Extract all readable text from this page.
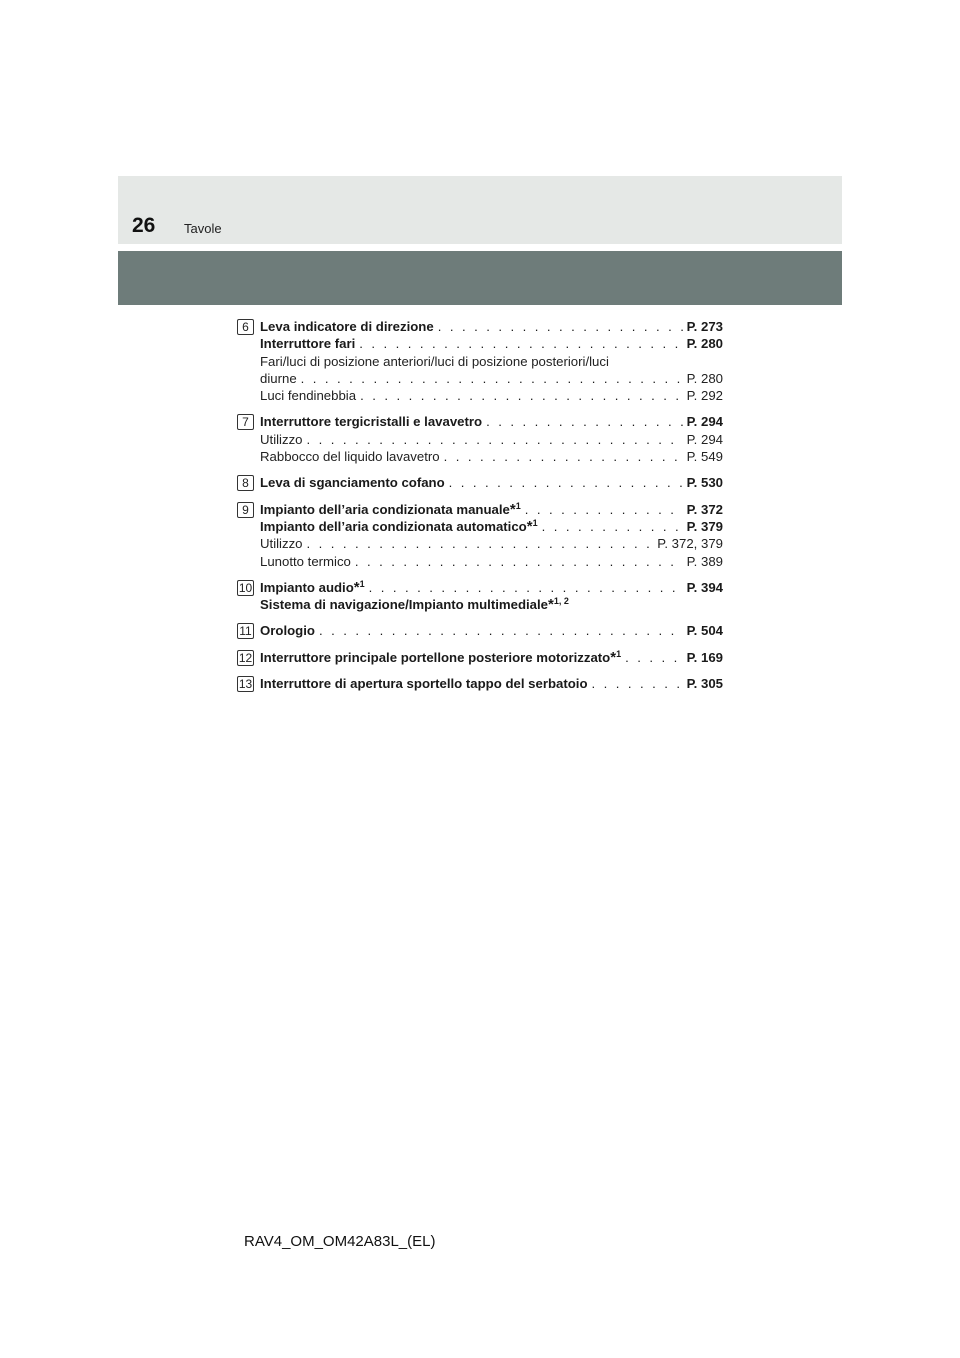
26 Tavole
6 Leva indicatore di direzione . . .	P. 273
Interruttore fari . . .	P. 280
Fari/luci di posizione anteriori/luci di posizione posteriori/luci
diurne . . .	P. 280
Luci fendinebbia . . .	P. 292
7 Interruttore tergicristalli e lavavetro . . .	P. 294
Utilizzo . . .	P. 294
Rabbocco del liquido lavavetro . . .	P. 549
8 Leva di sganciamento cofano . . .	P. 530
9 Impianto dell’aria condizionata manuale*$^1$ . . .	P. 372
Impianto dell’aria condizionata automatico*$^1$ . . .	P. 379
Utilizzo . . .	P. 372, 379
Lunotto termico . . .	P. 389
10 Impianto audio*$^1$ . . .	P. 394
Sistema di navigazione/Impianto multimediale*$^{1, 2}$
11 Orologio . . .	P. 504
12 Interruttore principale portellone posteriore motorizzato*$^1$ . . .	P. 169
13 Interruttore di apertura sportello tappo del serbatoio . . .	P. 305
RAV4_OM_OM42A83L_(EL)
